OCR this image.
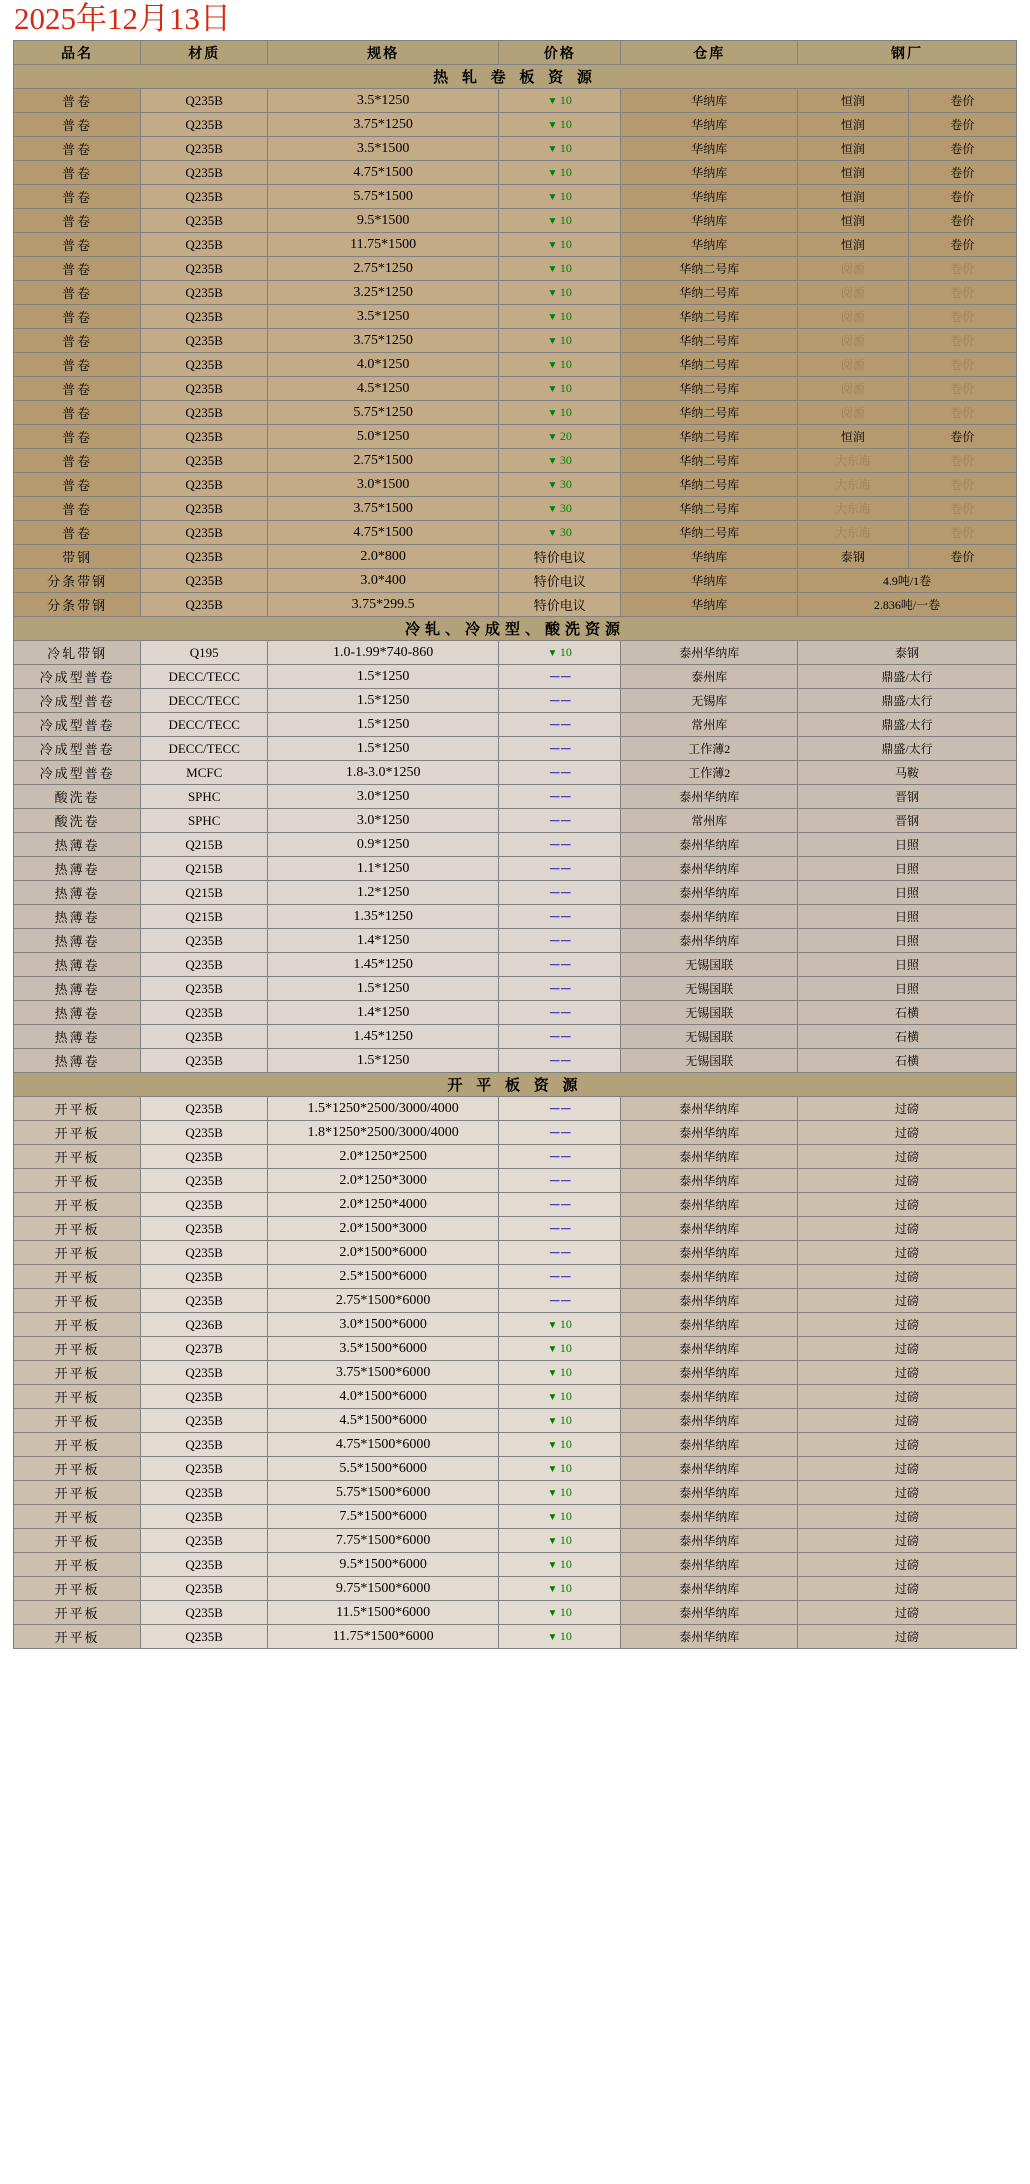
2025年12月13日
品名	材质	规格	价格	仓库	钢厂	
热 轧 卷 板 资 源						
普卷	Q235B	3.5*1250	▼ 10	华纳库	恒润	卷价
普卷	Q235B	3.75*1250	▼ 10	华纳库	恒润	卷价
普卷	Q235B	3.5*1500	▼ 10	华纳库	恒润	卷价
普卷	Q235B	4.75*1500	▼ 10	华纳库	恒润	卷价
普卷	Q235B	5.75*1500	▼ 10	华纳库	恒润	卷价
普卷	Q235B	9.5*1500	▼ 10	华纳库	恒润	卷价
普卷	Q235B	11.75*1500	▼ 10	华纳库	恒润	卷价
普卷	Q235B	2.75*1250	▼ 10	华纳二号库	阅源	卷价
普卷	Q235B	3.25*1250	▼ 10	华纳二号库	阅源	卷价
普卷	Q235B	3.5*1250	▼ 10	华纳二号库	阅源	卷价
普卷	Q235B	3.75*1250	▼ 10	华纳二号库	阅源	卷价
普卷	Q235B	4.0*1250	▼ 10	华纳二号库	阅源	卷价
普卷	Q235B	4.5*1250	▼ 10	华纳二号库	阅源	卷价
普卷	Q235B	5.75*1250	▼ 10	华纳二号库	阅源	卷价
普卷	Q235B	5.0*1250	▼ 20	华纳二号库	恒润	卷价
普卷	Q235B	2.75*1500	▼ 30	华纳二号库	大东海	卷价
普卷	Q235B	3.0*1500	▼ 30	华纳二号库	大东海	卷价
普卷	Q235B	3.75*1500	▼ 30	华纳二号库	大东海	卷价
普卷	Q235B	4.75*1500	▼ 30	华纳二号库	大东海	卷价
带钢	Q235B	2.0*800	特价电议	华纳库	泰钢	卷价
分条带钢	Q235B	3.0*400	特价电议	华纳库	4.9吨/1卷	
分条带钢	Q235B	3.75*299.5	特价电议	华纳库	2.836吨/一卷	
冷轧、冷成型、酸洗资源						
冷轧带钢	Q195	1.0-1.99*740-860	▼ 10	泰州华纳库	泰钢	
冷成型普卷	DECC/TECC	1.5*1250	－－	泰州库	鼎盛/太行	
冷成型普卷	DECC/TECC	1.5*1250	－－	无锡库	鼎盛/太行	
冷成型普卷	DECC/TECC	1.5*1250	－－	常州库	鼎盛/太行	
冷成型普卷	DECC/TECC	1.5*1250	－－	工作薄2	鼎盛/太行	
冷成型普卷	MCFC	1.8-3.0*1250	－－	工作薄2	马鞍	
酸洗卷	SPHC	3.0*1250	－－	泰州华纳库	晋钢	
酸洗卷	SPHC	3.0*1250	－－	常州库	晋钢	
热薄卷	Q215B	0.9*1250	－－	泰州华纳库	日照	
热薄卷	Q215B	1.1*1250	－－	泰州华纳库	日照	
热薄卷	Q215B	1.2*1250	－－	泰州华纳库	日照	
热薄卷	Q215B	1.35*1250	－－	泰州华纳库	日照	
热薄卷	Q235B	1.4*1250	－－	泰州华纳库	日照	
热薄卷	Q235B	1.45*1250	－－	无锡国联	日照	
热薄卷	Q235B	1.5*1250	－－	无锡国联	日照	
热薄卷	Q235B	1.4*1250	－－	无锡国联	石横	
热薄卷	Q235B	1.45*1250	－－	无锡国联	石横	
热薄卷	Q235B	1.5*1250	－－	无锡国联	石横	
开 平 板 资 源						
开平板	Q235B	1.5*1250*2500/3000/4000	－－	泰州华纳库	过磅	
开平板	Q235B	1.8*1250*2500/3000/4000	－－	泰州华纳库	过磅	
开平板	Q235B	2.0*1250*2500	－－	泰州华纳库	过磅	
开平板	Q235B	2.0*1250*3000	－－	泰州华纳库	过磅	
开平板	Q235B	2.0*1250*4000	－－	泰州华纳库	过磅	
开平板	Q235B	2.0*1500*3000	－－	泰州华纳库	过磅	
开平板	Q235B	2.0*1500*6000	－－	泰州华纳库	过磅	
开平板	Q235B	2.5*1500*6000	－－	泰州华纳库	过磅	
开平板	Q235B	2.75*1500*6000	－－	泰州华纳库	过磅	
开平板	Q236B	3.0*1500*6000	▼ 10	泰州华纳库	过磅	
开平板	Q237B	3.5*1500*6000	▼ 10	泰州华纳库	过磅	
开平板	Q235B	3.75*1500*6000	▼ 10	泰州华纳库	过磅	
开平板	Q235B	4.0*1500*6000	▼ 10	泰州华纳库	过磅	
开平板	Q235B	4.5*1500*6000	▼ 10	泰州华纳库	过磅	
开平板	Q235B	4.75*1500*6000	▼ 10	泰州华纳库	过磅	
开平板	Q235B	5.5*1500*6000	▼ 10	泰州华纳库	过磅	
开平板	Q235B	5.75*1500*6000	▼ 10	泰州华纳库	过磅	
开平板	Q235B	7.5*1500*6000	▼ 10	泰州华纳库	过磅	
开平板	Q235B	7.75*1500*6000	▼ 10	泰州华纳库	过磅	
开平板	Q235B	9.5*1500*6000	▼ 10	泰州华纳库	过磅	
开平板	Q235B	9.75*1500*6000	▼ 10	泰州华纳库	过磅	
开平板	Q235B	11.5*1500*6000	▼ 10	泰州华纳库	过磅	
开平板	Q235B	11.75*1500*6000	▼ 10	泰州华纳库	过磅	
